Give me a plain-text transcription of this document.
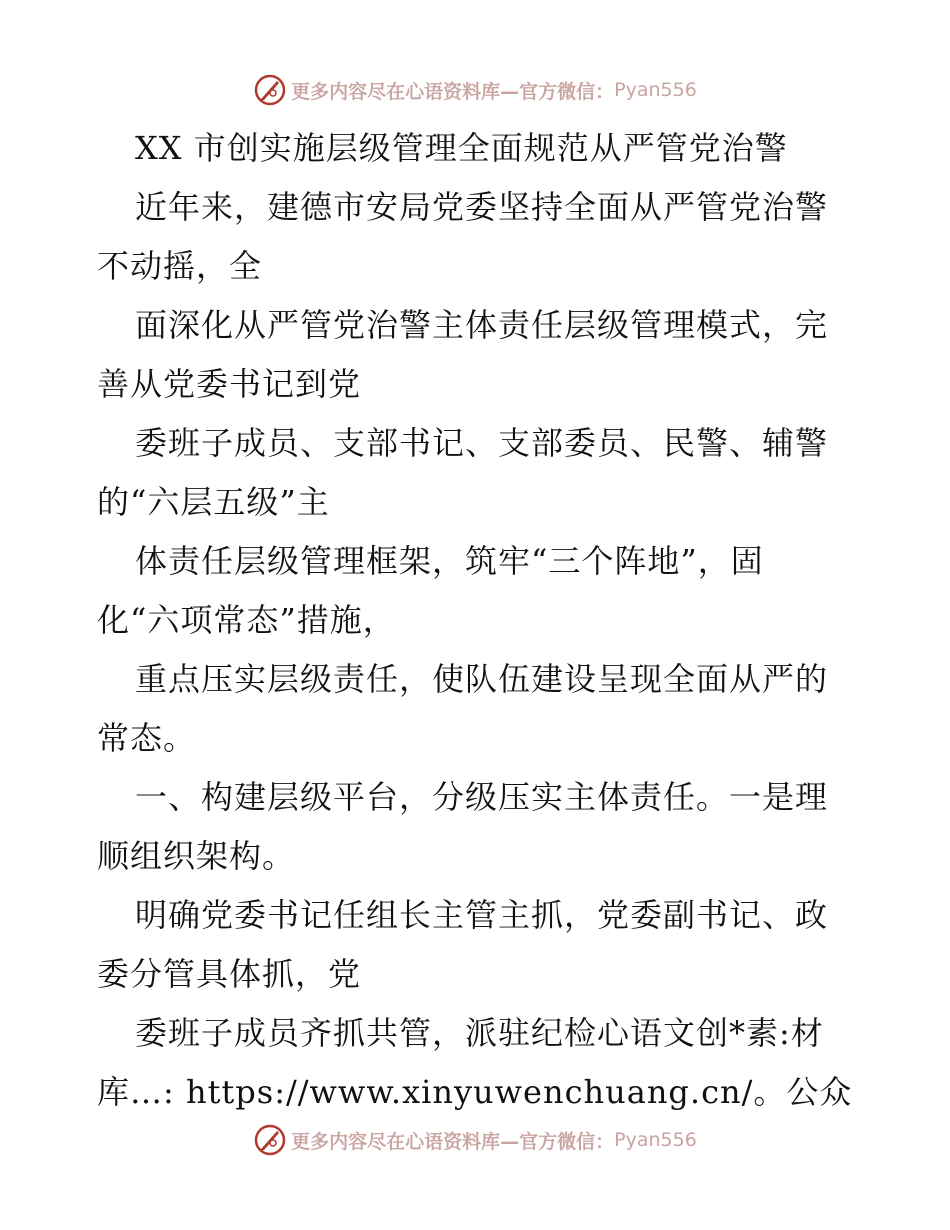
更多内容尽在心语资料库—官方微信： Pyan556
XX 市创实施层级管理全面规范从严管党治警
近年来，建德市安局党委坚持全面从严管党治警
不动摇，全
面深化从严管党治警主体责任层级管理模式，完
善从党委书记到党
委班子成员、支部书记、支部委员、民警、辅警
的“六层五级”主
体责任层级管理框架，筑牢“三个阵地”，固
化“六项常态”措施，
重点压实层级责任，使队伍建设呈现全面从严的
常态。
一、构建层级平台，分级压实主体责任。一是理
顺组织架构。
明确党委书记任组长主管主抓，党委副书记、政
委分管具体抓，党
委班子成员齐抓共管，派驻纪检心语文创*素:材
库…: https://www.xinyuwenchuang.cn/。公众
更多内容尽在心语资料库—官方微信： Pyan556
